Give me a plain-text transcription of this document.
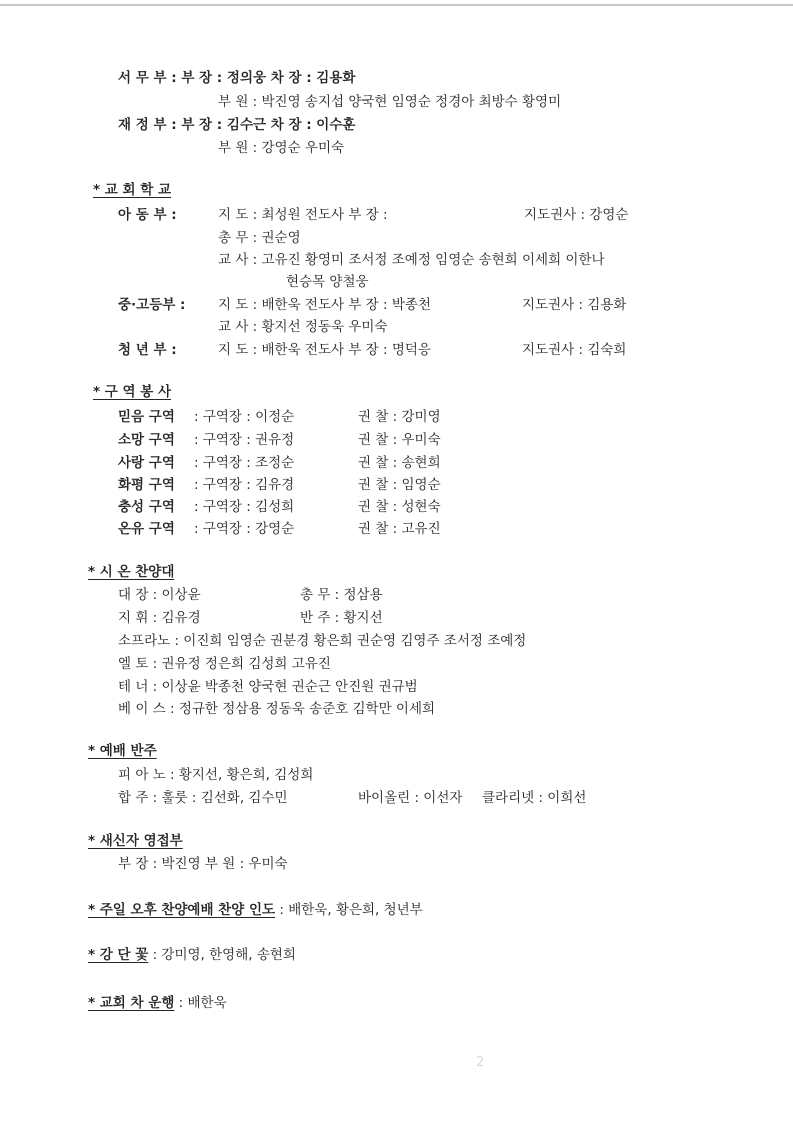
서 무 부 : 부 장 : 정의웅 차 장 : 김용화
부 원 : 박진영 송지섭 양국현 임영순 정경아 최방수 황영미
재 정 부 : 부 장 : 김수근 차 장 : 이수훈
부 원 : 강영순 우미숙
* 교 회 학 교
아 동 부 :	지 도 : 최성원 전도사 부 장 :	지도권사 : 강영순
총 무 : 권순영
교 사 : 고유진 황영미 조서정 조예정 임영순 송현희 이세희 이한나
현승목 양철웅
중·고등부 : 지 도 : 배한욱 전도사 부 장 : 박종천	지도권사 : 김용화
교 사 : 황지선 정동욱 우미숙
청 년 부 :	지 도 : 배한욱 전도사 부 장 : 명덕응	지도권사 : 김숙희
* 구 역 봉 사
믿음 구역 : 구역장 : 이정순	권 찰 : 강미영
소망 구역 : 구역장 : 권유정	권 찰 : 우미숙
사랑 구역 : 구역장 : 조정순	권 찰 : 송현희
화평 구역 : 구역장 : 김유경	권 찰 : 임영순
충성 구역 : 구역장 : 김성희	권 찰 : 성현숙
온유 구역 : 구역장 : 강영순	권 찰 : 고유진
* 시 온 찬양대
대 장 : 이상윤	총 무 : 정삼용
지 휘 : 김유경	반 주 : 황지선
소프라노 : 이진희 임영순 권분경 황은희 권순영 김영주 조서정 조예정
엘 토 : 권유정 정은희 김성희 고유진
테 너 : 이상윤 박종천 양국현 권순근 안진원 권규범
베 이 스 : 정규한 정삼용 정동욱 송준호 김학만 이세희
* 예배 반주
피 아 노 : 황지선, 황은희, 김성희
합 주 : 훌룻 : 김선화, 김수민	바이올린 : 이선자 클라리넷 : 이희선
* 새신자 영접부
부 장 : 박진영 부 원 : 우미숙
* 주일 오후 찬양예배 찬양 인도 : 배한욱, 황은희, 청년부
* 강 단 꽃 : 강미영, 한영해, 송현희
* 교회 차 운행 : 배한욱
2
